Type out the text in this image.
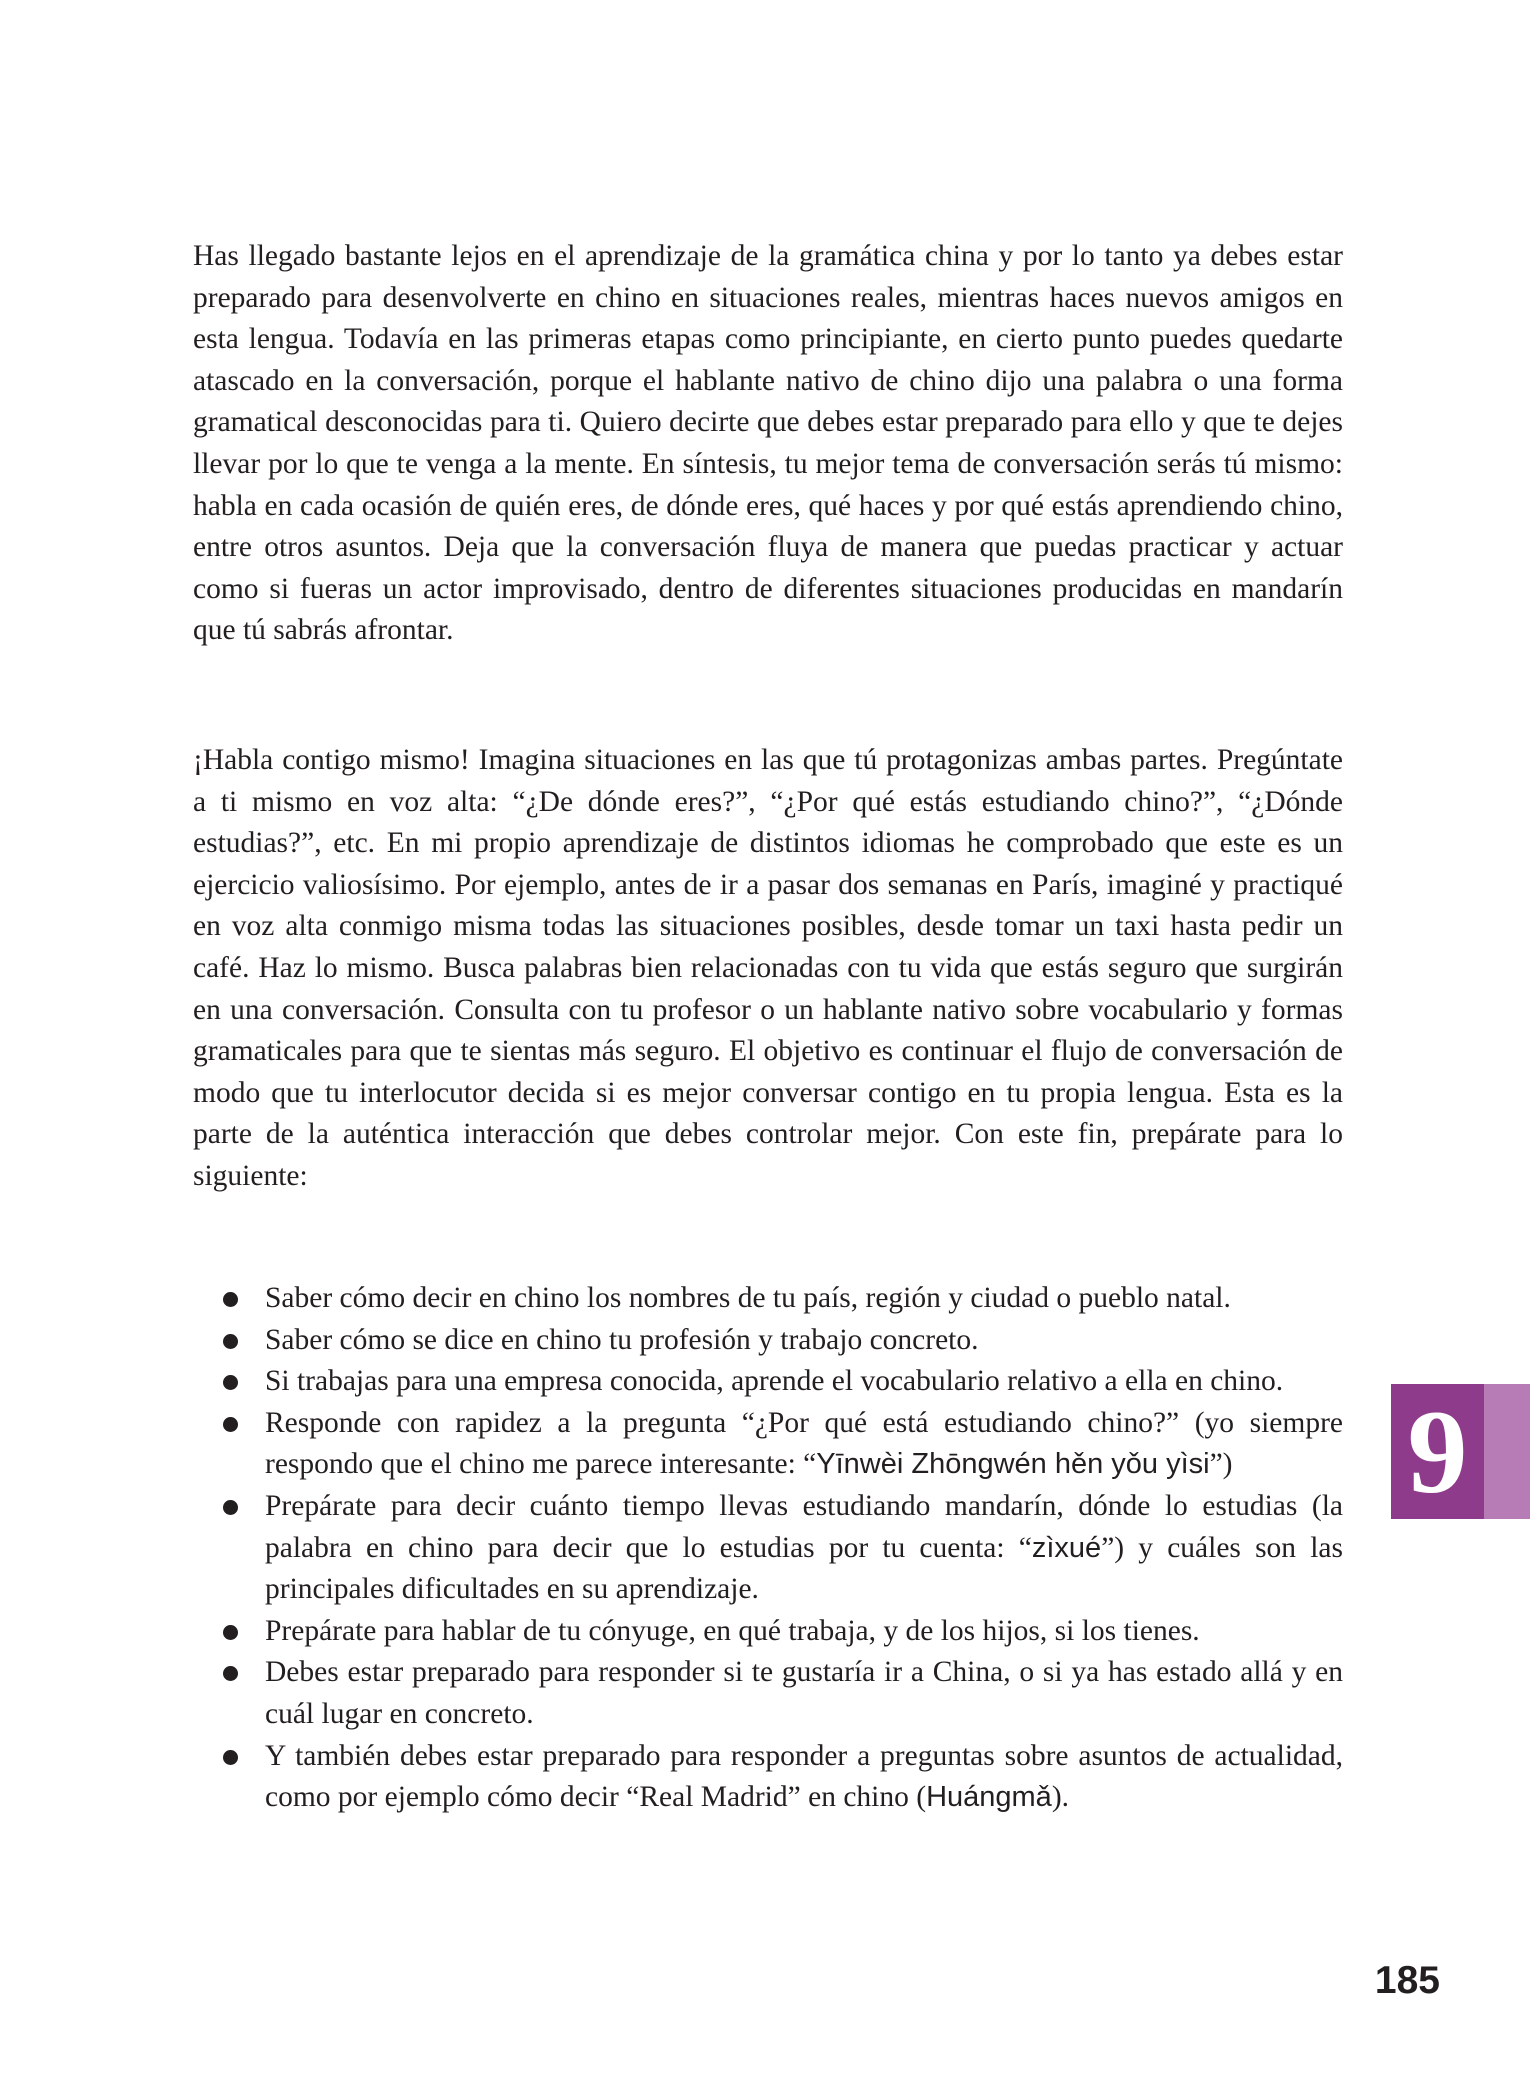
Has llegado bastante lejos en el aprendizaje de la gramática china y por lo tanto ya debes estar preparado para desenvolverte en chino en situaciones reales, mientras haces nuevos amigos en esta lengua. Todavía en las primeras etapas como principiante, en cierto punto puedes quedarte atascado en la conversación, porque el hablante nativo de chino dijo una palabra o una forma gramatical desconocidas para ti. Quiero decirte que debes estar preparado para ello y que te dejes llevar por lo que te venga a la mente. En síntesis, tu mejor tema de conversación serás tú mismo: habla en cada ocasión de quién eres, de dónde eres, qué haces y por qué estás aprendiendo chino, entre otros asuntos. Deja que la conversación fluya de manera que puedas practicar y actuar como si fueras un actor improvisado, dentro de diferentes situaciones producidas en mandarín que tú sabrás afrontar.

¡Habla contigo mismo! Imagina situaciones en las que tú protagonizas ambas partes. Pregúntate a ti mismo en voz alta: “¿De dónde eres?”, “¿Por qué estás estudiando chino?”, “¿Dónde estudias?”, etc. En mi propio aprendizaje de distintos idiomas he comprobado que este es un ejercicio valiosísimo. Por ejemplo, antes de ir a pasar dos semanas en París, imaginé y practiqué en voz alta conmigo misma todas las situaciones posibles, desde tomar un taxi hasta pedir un café. Haz lo mismo. Busca palabras bien relacionadas con tu vida que estás seguro que surgirán en una conversación. Consulta con tu profesor o un hablante nativo sobre vocabulario y formas gramaticales para que te sientas más seguro. El objetivo es continuar el flujo de conversación de modo que tu interlocutor decida si es mejor conversar contigo en tu propia lengua. Esta es la parte de la auténtica interacción que debes controlar mejor. Con este fin, prepárate para lo siguiente:

Saber cómo decir en chino los nombres de tu país, región y ciudad o pueblo natal.
Saber cómo se dice en chino tu profesión y trabajo concreto.
Si trabajas para una empresa conocida, aprende el vocabulario relativo a ella en chino.
Responde con rapidez a la pregunta “¿Por qué está estudiando chino?” (yo siempre respondo que el chino me parece interesante: “Yīnwèi Zhōngwén hěn yǒu yìsi”)
Prepárate para decir cuánto tiempo llevas estudiando mandarín, dónde lo estudias (la palabra en chino para decir que lo estudias por tu cuenta: “zìxué”) y cuáles son las principales dificultades en su aprendizaje.
Prepárate para hablar de tu cónyuge, en qué trabaja, y de los hijos, si los tienes.
Debes estar preparado para responder si te gustaría ir a China, o si ya has estado allá y en cuál lugar en concreto.
Y también debes estar preparado para responder a preguntas sobre asuntos de actualidad, como por ejemplo cómo decir “Real Madrid” en chino (Huángmǎ).
9
185
